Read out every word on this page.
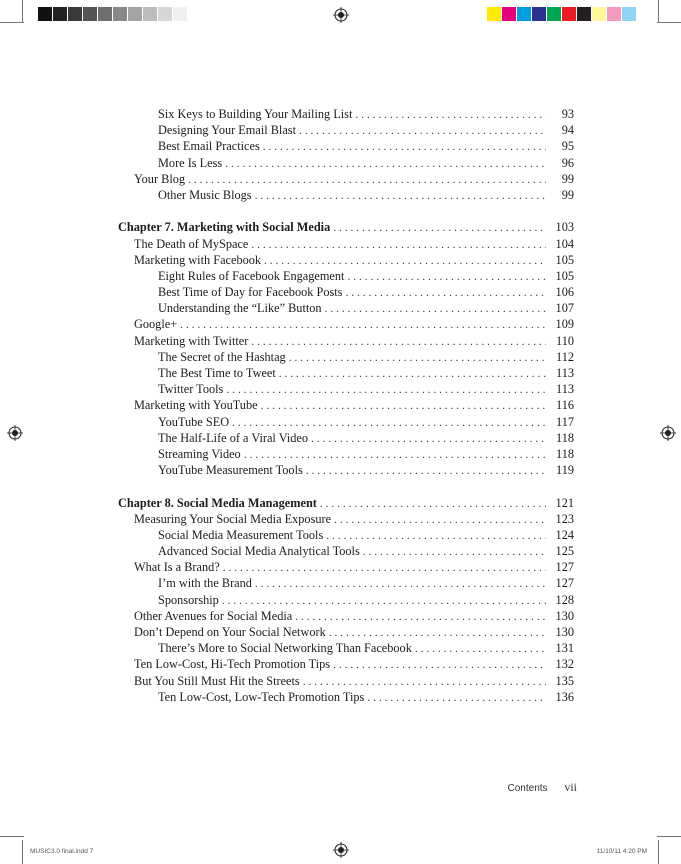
Six Keys to Building Your Mailing List . . .	93
Designing Your Email Blast . . .	94
Best Email Practices . . .	95
More Is Less . . .	96
Your Blog . . .	99
Other Music Blogs . . .	99
Chapter 7. Marketing with Social Media . . .	103
The Death of MySpace . . .	104
Marketing with Facebook . . .	105
Eight Rules of Facebook Engagement . . .	105
Best Time of Day for Facebook Posts . . .	106
Understanding the “Like” Button . . .	107
Google+ . . .	109
Marketing with Twitter . . .	110
The Secret of the Hashtag . . .	112
The Best Time to Tweet . . .	113
Twitter Tools . . .	113
Marketing with YouTube . . .	116
YouTube SEO . . .	117
The Half-Life of a Viral Video . . .	118
Streaming Video . . .	118
YouTube Measurement Tools . . .	119
Chapter 8. Social Media Management . . .	121
Measuring Your Social Media Exposure . . .	123
Social Media Measurement Tools . . .	124
Advanced Social Media Analytical Tools . . .	125
What Is a Brand? . . .	127
I’m with the Brand . . .	127
Sponsorship . . .	128
Other Avenues for Social Media . . .	130
Don’t Depend on Your Social Network . . .	130
There’s More to Social Networking Than Facebook . . .	131
Ten Low-Cost, Hi-Tech Promotion Tips . . .	132
But You Still Must Hit the Streets . . .	135
Ten Low-Cost, Low-Tech Promotion Tips . . .	136
Contents vii
MUSIC3.0 final.indd 7	11/10/11 4:20 PM
